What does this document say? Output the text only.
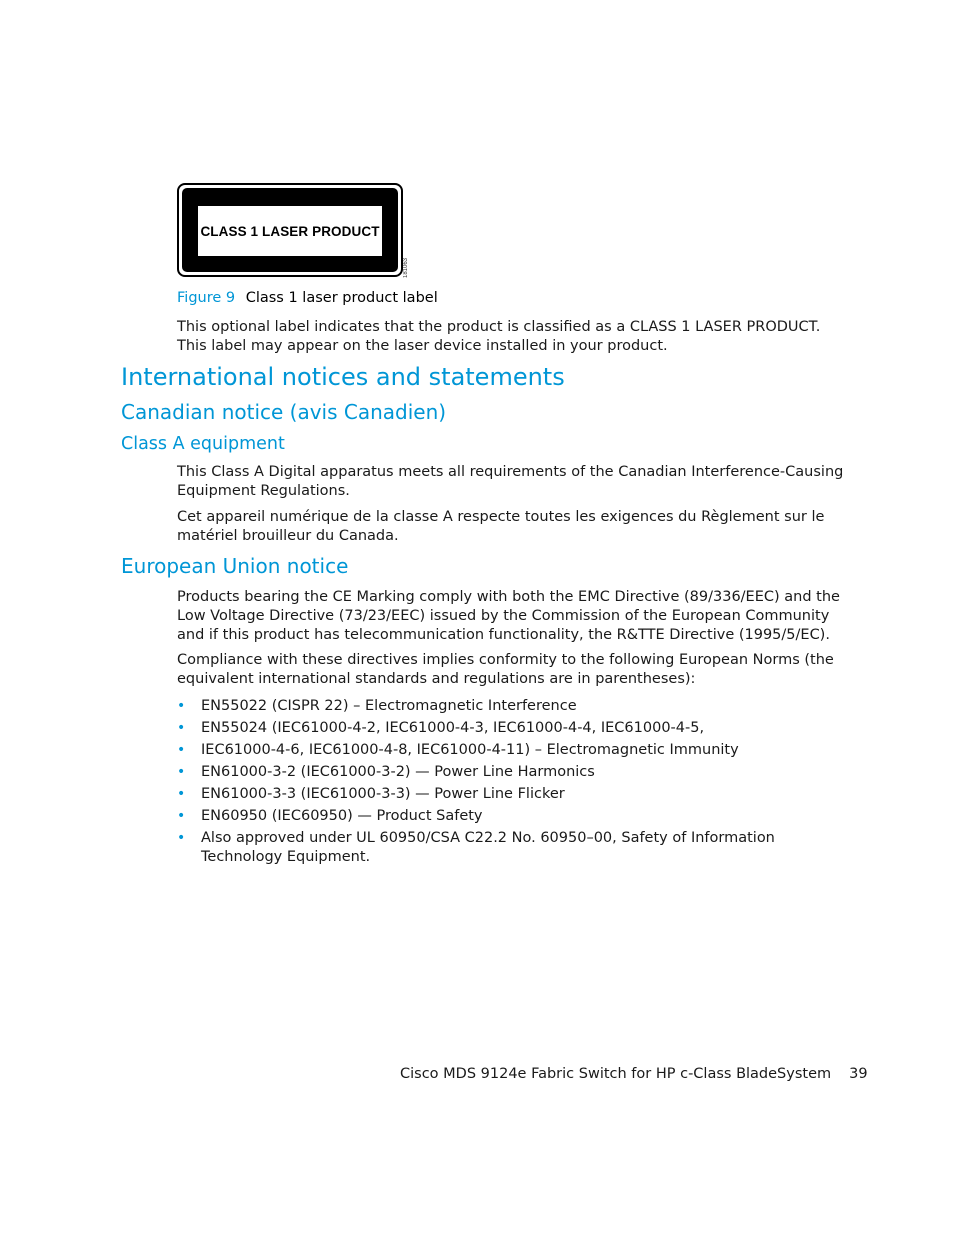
CLASS 1 LASER PRODUCT
181063
Figure 9 Class 1 laser product label
This optional label indicates that the product is classified as a CLASS 1 LASER PRODUCT. This label may appear on the laser device installed in your product.
International notices and statements
Canadian notice (avis Canadien)
Class A equipment
This Class A Digital apparatus meets all requirements of the Canadian Interference-Causing Equipment Regulations.
Cet appareil numérique de la classe A respecte toutes les exigences du Règlement sur le matériel brouilleur du Canada.
European Union notice
Products bearing the CE Marking comply with both the EMC Directive (89/336/EEC) and the Low Voltage Directive (73/23/EEC) issued by the Commission of the European Community and if this product has telecommunication functionality, the R&TTE Directive (1995/5/EC).
Compliance with these directives implies conformity to the following European Norms (the equivalent international standards and regulations are in parentheses):
• EN55022 (CISPR 22) – Electromagnetic Interference
• EN55024 (IEC61000-4-2, IEC61000-4-3, IEC61000-4-4, IEC61000-4-5,
• IEC61000-4-6, IEC61000-4-8, IEC61000-4-11) – Electromagnetic Immunity
• EN61000-3-2 (IEC61000-3-2) — Power Line Harmonics
• EN61000-3-3 (IEC61000-3-3) — Power Line Flicker
• EN60950 (IEC60950) — Product Safety
• Also approved under UL 60950/CSA C22.2 No. 60950–00, Safety of Information Technology Equipment.
Cisco MDS 9124e Fabric Switch for HP c-Class BladeSystem 39
